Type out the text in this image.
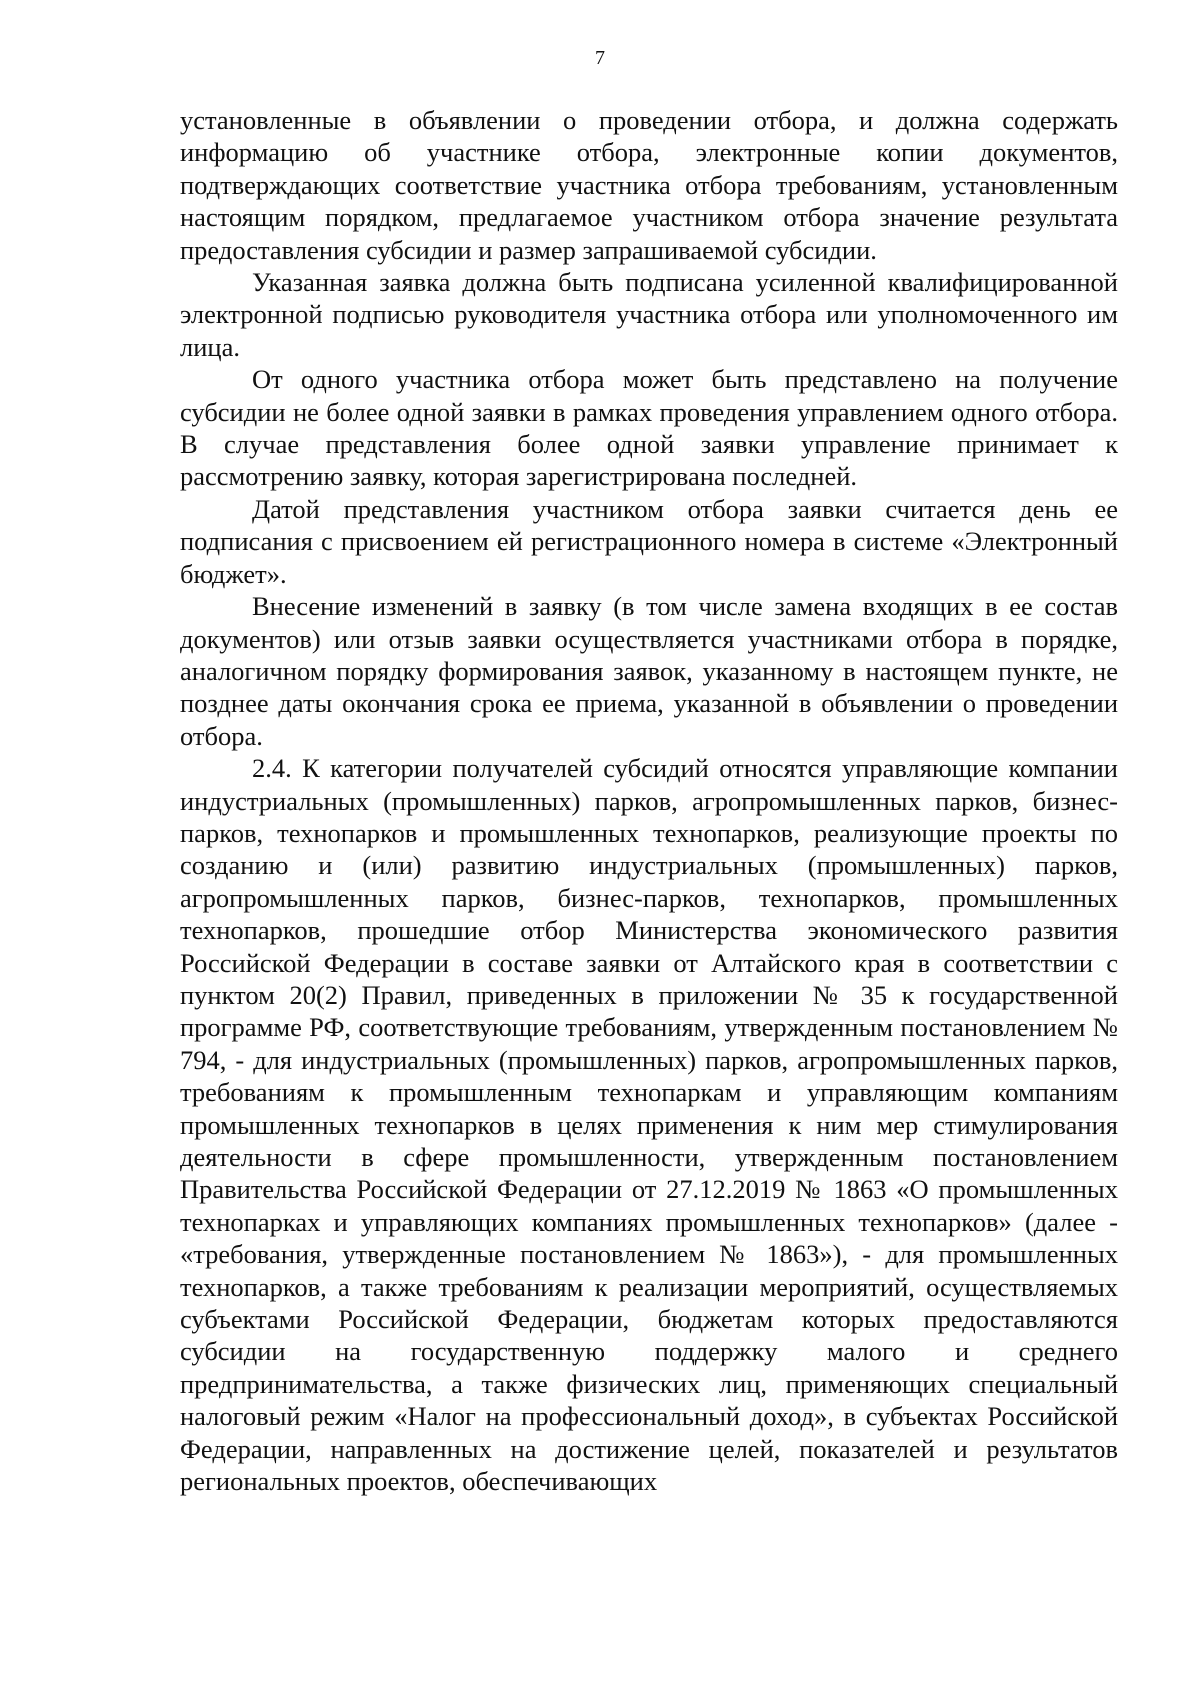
7

установленные в объявлении о проведении отбора, и должна содержать информацию об участнике отбора, электронные копии документов, подтверждающих соответствие участника отбора требованиям, установленным настоящим порядком, предлагаемое участником отбора значение результата предоставления субсидии и размер запрашиваемой субсидии.

Указанная заявка должна быть подписана усиленной квалифицированной электронной подписью руководителя участника отбора или уполномоченного им лица.

От одного участника отбора может быть представлено на получение субсидии не более одной заявки в рамках проведения управлением одного отбора. В случае представления более одной заявки управление принимает к рассмотрению заявку, которая зарегистрирована последней.

Датой представления участником отбора заявки считается день ее подписания с присвоением ей регистрационного номера в системе «Электронный бюджет».

Внесение изменений в заявку (в том числе замена входящих в ее состав документов) или отзыв заявки осуществляется участниками отбора в порядке, аналогичном порядку формирования заявок, указанному в настоящем пункте, не позднее даты окончания срока ее приема, указанной в объявлении о проведении отбора.

2.4. К категории получателей субсидий относятся управляющие компании индустриальных (промышленных) парков, агропромышленных парков, бизнес-парков, технопарков и промышленных технопарков, реализующие проекты по созданию и (или) развитию индустриальных (промышленных) парков, агропромышленных парков, бизнес-парков, технопарков, промышленных технопарков, прошедшие отбор Министерства экономического развития Российской Федерации в составе заявки от Алтайского края в соответствии с пунктом 20(2) Правил, приведенных в приложении № 35 к государственной программе РФ, соответствующие требованиям, утвержденным постановлением № 794, - для индустриальных (промышленных) парков, агропромышленных парков, требованиям к промышленным технопаркам и управляющим компаниям промышленных технопарков в целях применения к ним мер стимулирования деятельности в сфере промышленности, утвержденным постановлением Правительства Российской Федерации от 27.12.2019 № 1863 «О промышленных технопарках и управляющих компаниях промышленных технопарков» (далее - «требования, утвержденные постановлением № 1863»), - для промышленных технопарков, а также требованиям к реализации мероприятий, осуществляемых субъектами Российской Федерации, бюджетам которых предоставляются субсидии на государственную поддержку малого и среднего предпринимательства, а также физических лиц, применяющих специальный налоговый режим «Налог на профессиональный доход», в субъектах Российской Федерации, направленных на достижение целей, показателей и результатов региональных проектов, обеспечивающих
